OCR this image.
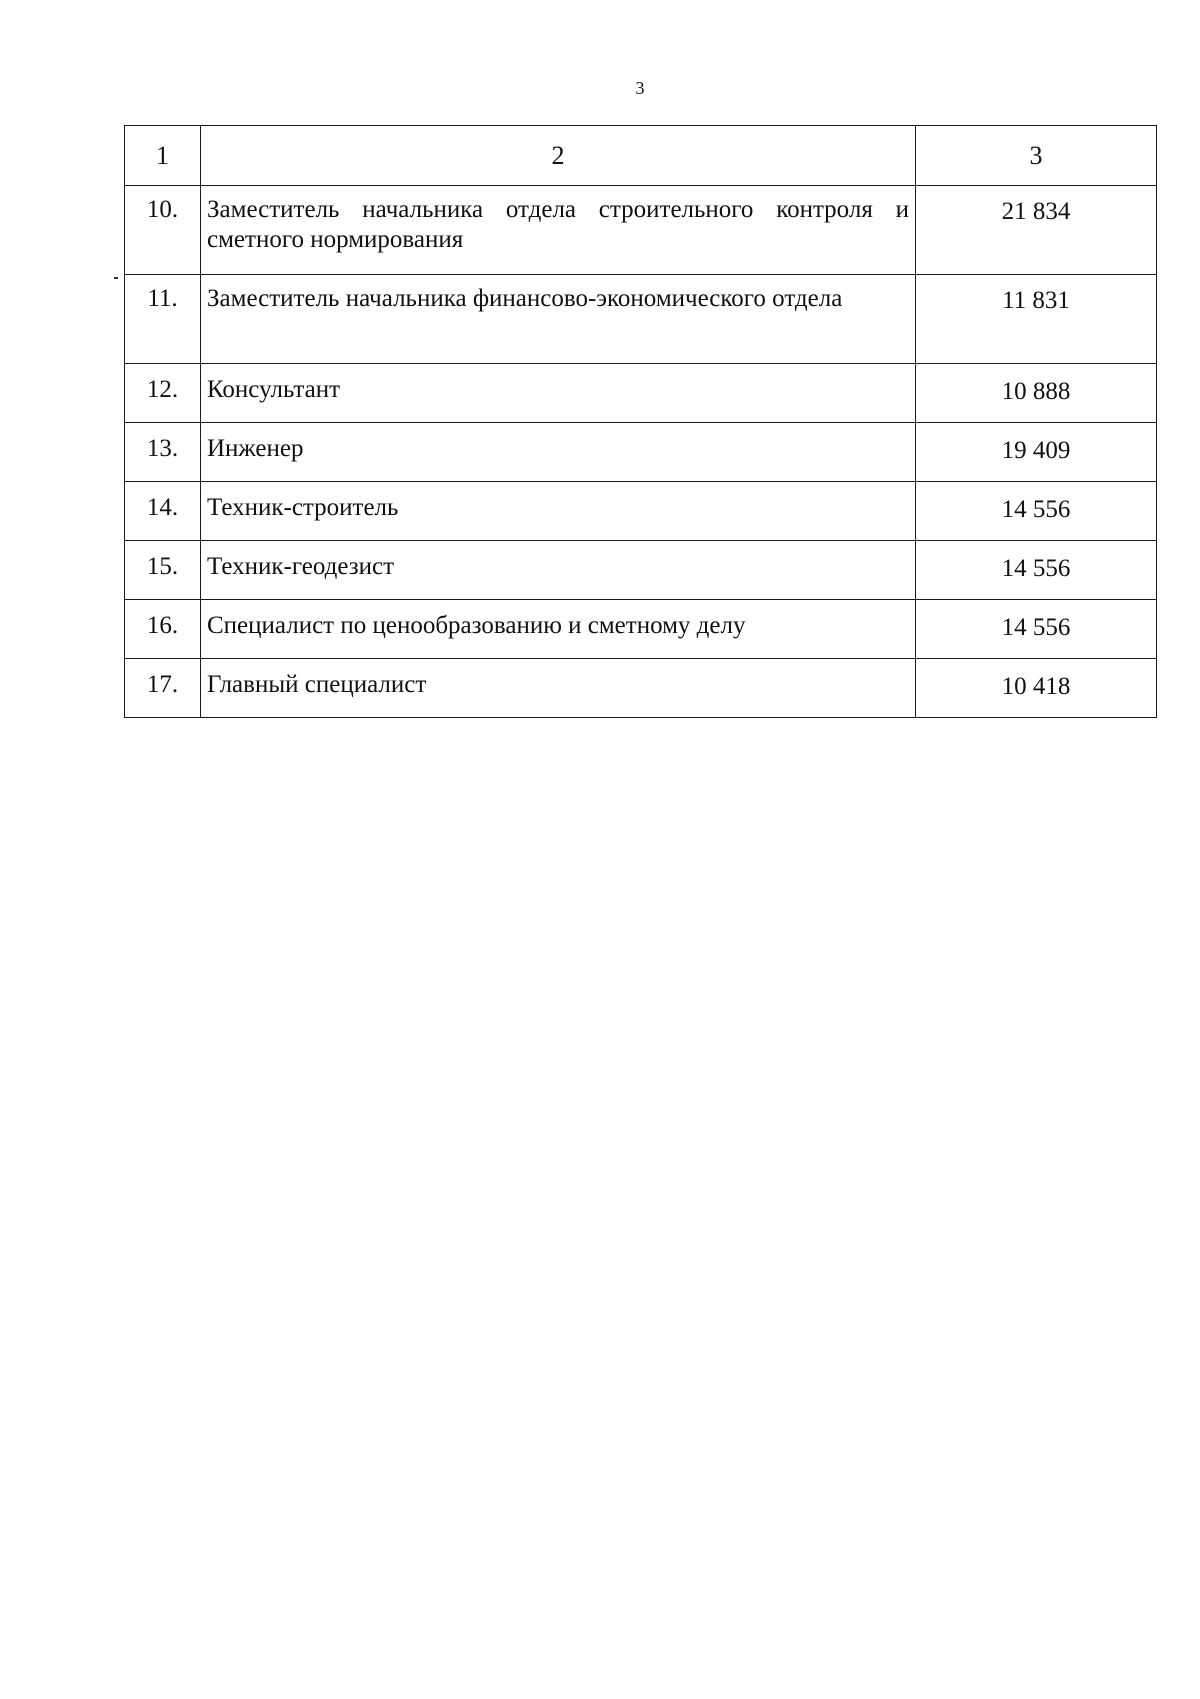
3
1	2	3
10.	Заместитель начальника отдела строительного контроля и сметного нормирования	21 834
11.	Заместитель начальника финансово-экономического отдела	11 831
12.	Консультант	10 888
13.	Инженер	19 409
14.	Техник-строитель	14 556
15.	Техник-геодезист	14 556
16.	Специалист по ценообразованию и сметному делу	14 556
17.	Главный специалист	10 418
